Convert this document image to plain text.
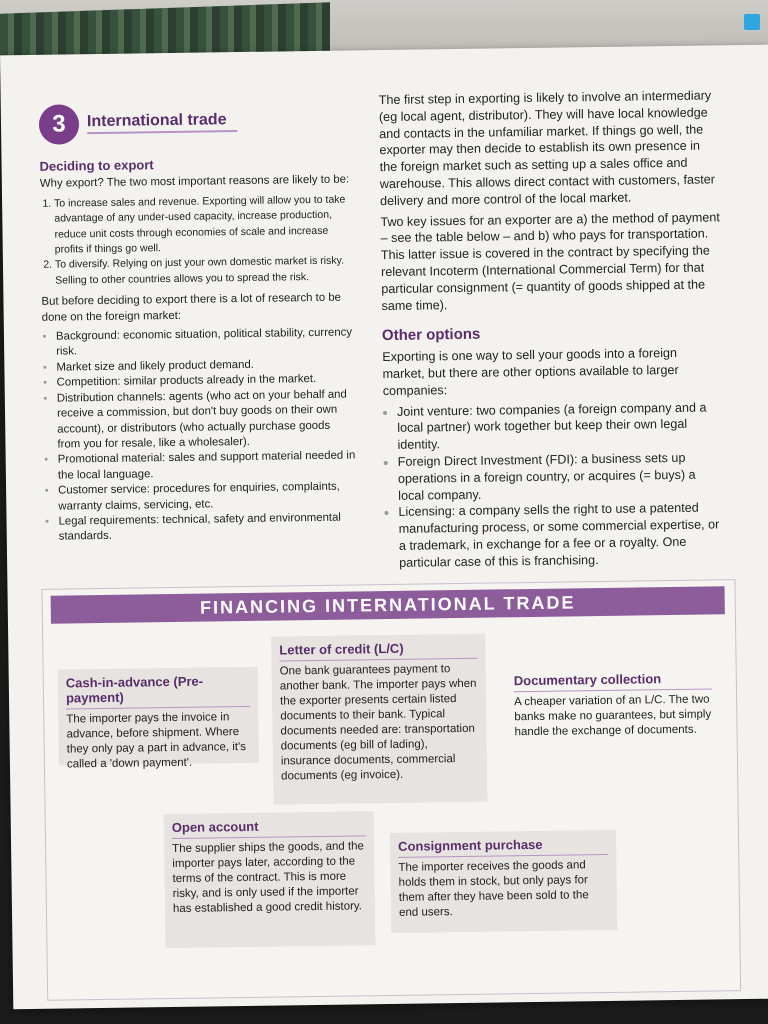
3	International trade
Deciding to export

Why export? The two most important reasons are likely to be:

1. To increase sales and revenue. Exporting will allow you to take advantage of any under-used capacity, increase production, reduce unit costs through economies of scale and increase profits if things go well.
2. To diversify. Relying on just your own domestic market is risky. Selling to other countries allows you to spread the risk.

But before deciding to export there is a lot of research to be done on the foreign market:

• Background: economic situation, political stability, currency risk.
• Market size and likely product demand.
• Competition: similar products already in the market.
• Distribution channels: agents (who act on your behalf and receive a commission, but don't buy goods on their own account), or distributors (who actually purchase goods from you for resale, like a wholesaler).
• Promotional material: sales and support material needed in the local language.
• Customer service: procedures for enquiries, complaints, warranty claims, servicing, etc.
• Legal requirements: technical, safety and environmental standards.

The first step in exporting is likely to involve an intermediary (eg local agent, distributor). They will have local knowledge and contacts in the unfamiliar market. If things go well, the exporter may then decide to establish its own presence in the foreign market such as setting up a sales office and warehouse. This allows direct contact with customers, faster delivery and more control of the local market.

Two key issues for an exporter are a) the method of payment – see the table below – and b) who pays for transportation. This latter issue is covered in the contract by specifying the relevant Incoterm (International Commercial Term) for that particular consignment (= quantity of goods shipped at the same time).

Other options

Exporting is one way to sell your goods into a foreign market, but there are other options available to larger companies:

• Joint venture: two companies (a foreign company and a local partner) work together but keep their own legal identity.
• Foreign Direct Investment (FDI): a business sets up operations in a foreign country, or acquires (= buys) a local company.
• Licensing: a company sells the right to use a patented manufacturing process, or some commercial expertise, or a trademark, in exchange for a fee or a royalty. One particular case of this is franchising.
FINANCING INTERNATIONAL TRADE
Cash-in-advance (Pre-payment)
The importer pays the invoice in advance, before shipment. Where they only pay a part in advance, it's called a 'down payment'.
Letter of credit (L/C)
One bank guarantees payment to another bank. The importer pays when the exporter presents certain listed documents to their bank. Typical documents needed are: transportation documents (eg bill of lading), insurance documents, commercial documents (eg invoice).
Documentary collection
A cheaper variation of an L/C. The two banks make no guarantees, but simply handle the exchange of documents.
Open account
The supplier ships the goods, and the importer pays later, according to the terms of the contract. This is more risky, and is only used if the importer has established a good credit history.
Consignment purchase
The importer receives the goods and holds them in stock, but only pays for them after they have been sold to the end users.
